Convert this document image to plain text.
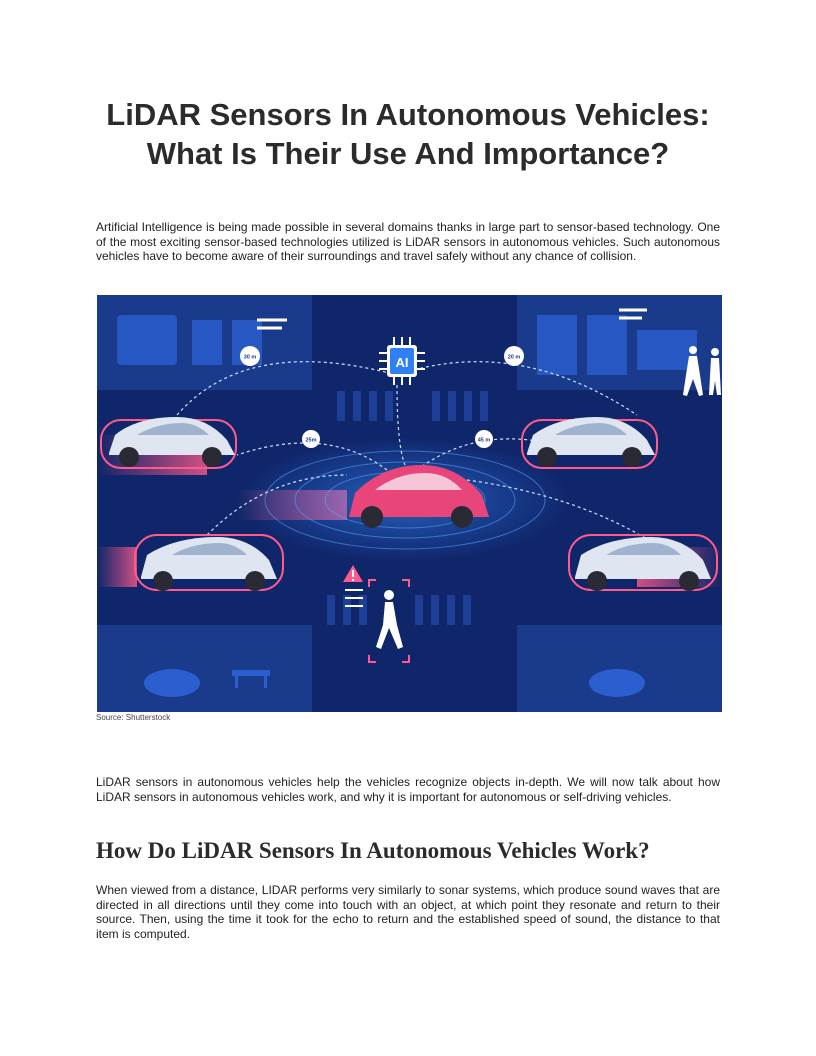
LiDAR Sensors In Autonomous Vehicles:
What Is Their Use And Importance?

Artificial Intelligence is being made possible in several domains thanks in large part to sensor-based technology. One of the most exciting sensor-based technologies utilized is LiDAR sensors in autonomous vehicles. Such autonomous vehicles have to become aware of their surroundings and travel safely without any chance of collision.

AI
30 m	20 m
25m	45 m

Source: Shutterstock

LiDAR sensors in autonomous vehicles help the vehicles recognize objects in-depth. We will now talk about how LiDAR sensors in autonomous vehicles work, and why it is important for autonomous or self-driving vehicles.

How Do LiDAR Sensors In Autonomous Vehicles Work?

When viewed from a distance, LIDAR performs very similarly to sonar systems, which produce sound waves that are directed in all directions until they come into touch with an object, at which point they resonate and return to their source. Then, using the time it took for the echo to return and the established speed of sound, the distance to that item is computed.
